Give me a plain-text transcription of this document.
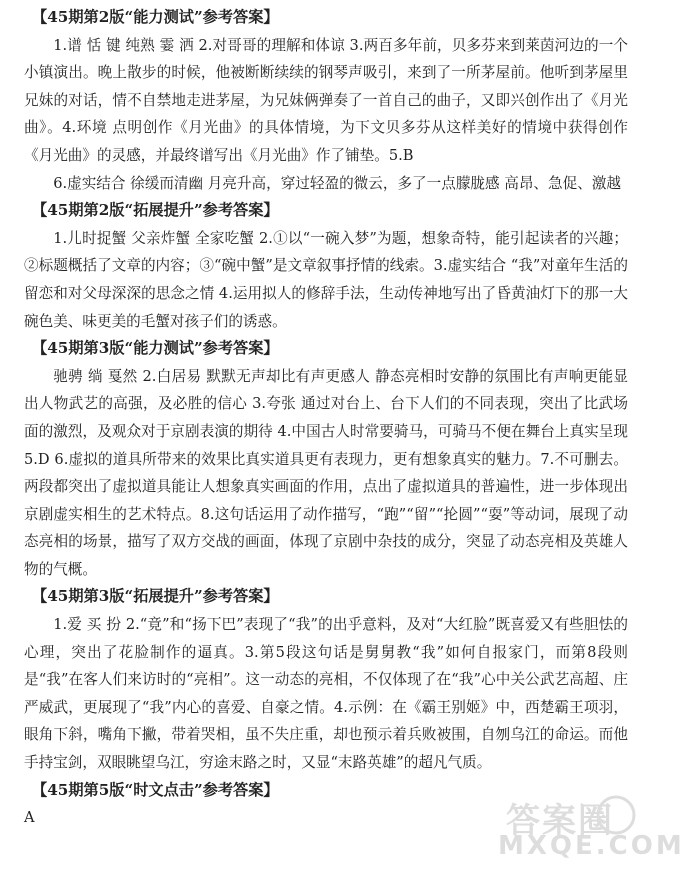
【45期第2版“能力测试”参考答案】

1.谱 恬 键 纯熟 霎 洒 2.对哥哥的理解和体谅 3.两百多年前，贝多芬来到莱茵河边的一个小镇演出。晚上散步的时候，他被断断续续的钢琴声吸引，来到了一所茅屋前。他听到茅屋里兄妹的对话，情不自禁地走进茅屋，为兄妹俩弹奏了一首自己的曲子，又即兴创作出了《月光曲》。4.环境 点明创作《月光曲》的具体情境，为下文贝多芬从这样美好的情境中获得创作《月光曲》的灵感，并最终谱写出《月光曲》作了铺垫。5.B

6.虚实结合 徐缓而清幽 月亮升高，穿过轻盈的微云，多了一点朦胧感 高昂、急促、激越

【45期第2版“拓展提升”参考答案】

1.儿时捉蟹 父亲炸蟹 全家吃蟹 2.①以“一碗入梦”为题，想象奇特，能引起读者的兴趣；②标题概括了文章的内容；③“碗中蟹”是文章叙事抒情的线索。3.虚实结合 “我”对童年生活的留恋和对父母深深的思念之情 4.运用拟人的修辞手法，生动传神地写出了昏黄油灯下的那一大碗色美、味更美的毛蟹对孩子们的诱惑。

【45期第3版“能力测试”参考答案】

驰骋 绱 戛然 2.白居易 默默无声却比有声更感人 静态亮相时安静的氛围比有声响更能显出人物武艺的高强，及必胜的信心 3.夸张 通过对台上、台下人们的不同表现，突出了比武场面的激烈，及观众对于京剧表演的期待 4.中国古人时常要骑马，可骑马不便在舞台上真实呈现 5.D 6.虚拟的道具所带来的效果比真实道具更有表现力，更有想象真实的魅力。7.不可删去。两段都突出了虚拟道具能让人想象真实画面的作用，点出了虚拟道具的普遍性，进一步体现出京剧虚实相生的艺术特点。8.这句话运用了动作描写，“跑”“留”“抡圆”“耍”等动词，展现了动态亮相的场景，描写了双方交战的画面，体现了京剧中杂技的成分，突显了动态亮相及英雄人物的气概。

【45期第3版“拓展提升”参考答案】

1.爱 买 扮 2.“竟”和“扬下巴”表现了“我”的出乎意料，及对“大红脸”既喜爱又有些胆怯的心理，突出了花脸制作的逼真。3.第5段这句话是舅舅教“我”如何自报家门，而第8段则是“我”在客人们来访时的“亮相”。这一动态的亮相，不仅体现了在“我”心中关公武艺高超、庄严威武，更展现了“我”内心的喜爱、自豪之情。4.示例：在《霸王别姬》中，西楚霸王项羽，眼角下斜，嘴角下撇，带着哭相，虽不失庄重，却也预示着兵败被围，自刎乌江的命运。而他手持宝剑，双眼眺望乌江，穷途末路之时，又显“末路英雄”的超凡气质。

【45期第5版“时文点击”参考答案】

A	答案圈
MXQE.COM
